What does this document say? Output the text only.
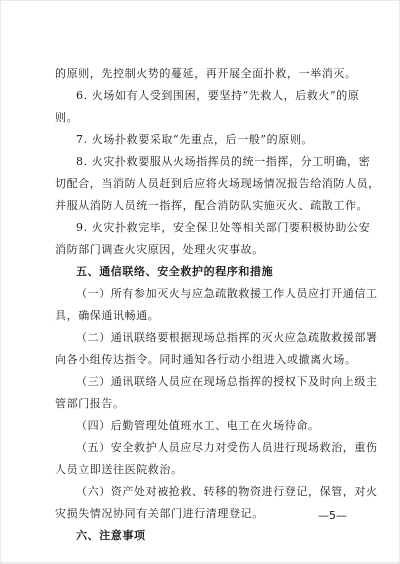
的原则，先控制火势的蔓延，再开展全面扑救，一举消灭。
6. 火场如有人受到围困，要坚持“先救人，后救火”的原
则。
7. 火场扑救要采取“先重点，后一般”的原则。
8. 火灾扑救要服从火场指挥员的统一指挥，分工明确，密
切配合，当消防人员赶到后应将火场现场情况报告给消防人员，
并服从消防人员统一指挥，配合消防队实施灭火、疏散工作。
9. 火灾扑救完毕，安全保卫处等相关部门要积极协助公安
消防部门调查火灾原因，处理火灾事故。
五、通信联络、安全救护的程序和措施
（一）所有参加灭火与应急疏散救援工作人员应打开通信工
具，确保通讯畅通。
（二）通讯联络要根据现场总指挥的灭火应急疏散救援部署
向各小组传达指令。同时通知各行动小组进入或撤离火场。
（三）通讯联络人员应在现场总指挥的授权下及时向上级主
管部门报告。
（四）后勤管理处值班水工、电工在火场待命。
（五）安全救护人员应尽力对受伤人员进行现场救治，重伤
人员立即送往医院救治。
（六）资产处对被抢救、转移的物资进行登记，保管，对火
灾损失情况协同有关部门进行清理登记。
六、注意事项
—5—
